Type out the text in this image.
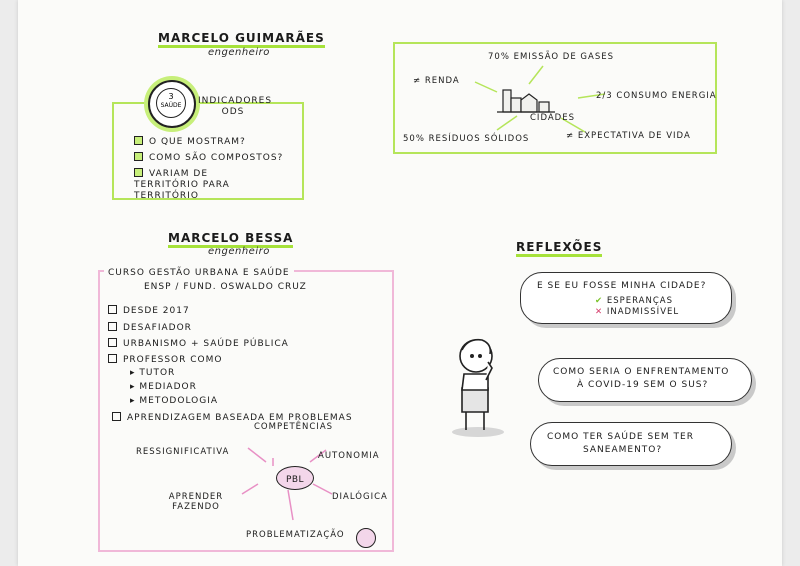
MARCELO GUIMARÃES
engenheiro
3
SAÚDE	INDICADORES ODS
O QUE MOSTRAM?
COMO SÃO COMPOSTOS?
VARIAM DE TERRITÓRIO PARA TERRITÓRIO
CIDADES
70% EMISSÃO DE GASES
≠ RENDA
2/3 CONSUMO ENERGIA
50% RESÍDUOS SÓLIDOS	≠ EXPECTATIVA DE VIDA
MARCELO BESSA
engenheiro
CURSO GESTÃO URBANA E SAÚDE
ENSP / FUND. OSWALDO CRUZ
DESDE 2017
DESAFIADOR
URBANISMO + SAÚDE PÚBLICA
PROFESSOR COMO
▸ TUTOR
▸ MEDIADOR
▸ METODOLOGIA
APRENDIZAGEM BASEADA EM PROBLEMAS
PBL
COMPETÊNCIAS
RESSIGNIFICATIVA	AUTONOMIA
APRENDER FAZENDO
DIALÓGICA
PROBLEMATIZAÇÃO
REFLEXÕES
E SE EU FOSSE MINHA CIDADE?
✔ ESPERANÇAS
✕ INADMISSÍVEL
COMO SERIA O ENFRENTAMENTO
À COVID-19 SEM O SUS?
COMO TER SAÚDE SEM TER
SANEAMENTO?
